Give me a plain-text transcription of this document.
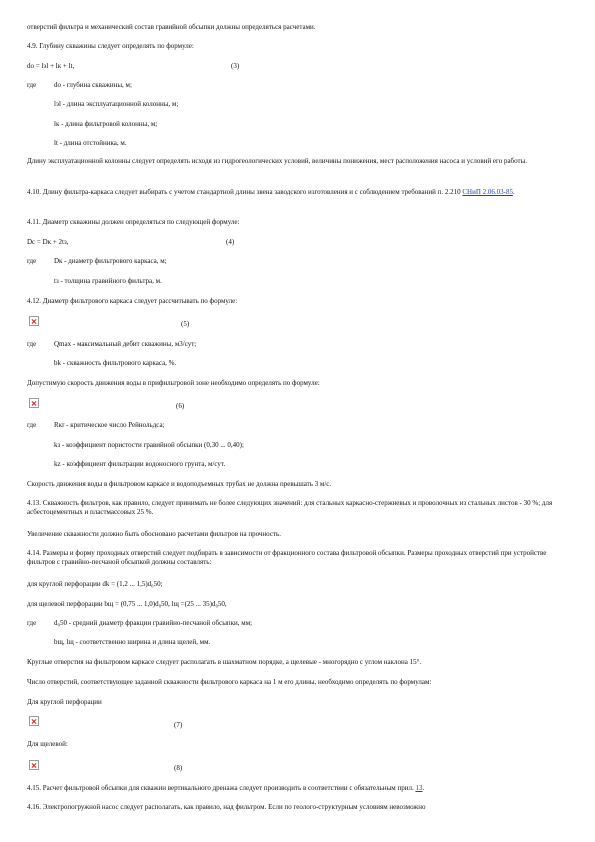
отверстий фильтра и механический состав гравийной обсыпки должны определяться расчетами.
4.9. Глубину скважины следует определять по формуле:
do = lэl + lк + lt,	(3)
где	do - глубина скважины, м;
lэl - длина эксплуатационной колонны, м;
lк - длина фильтровой колонны, м;
lt - длина отстойника, м.
Длину эксплуатационной колонны следует определять исходя из гидрогеологических условий, величины понижения, мест расположения насоса и условий его работы.
4.10. Длину фильтра-каркаса следует выбирать с учетом стандартной длины звена заводского изготовления и с соблюдением требований п. 2.210 СНиП 2.06.03-85.
4.11. Диаметр скважины должен определяться по следующей формуле:
Dc = Dк + 2tз,	(4)
где	Dк - диаметр фильтрового каркаса, м;
tз - толщина гравийного фильтра, м.
4.12. Диаметр фильтрового каркаса следует рассчитывать по формуле:
(5)
где	Qmax - максимальный дебит скважины, м3/сут;
bk - скважность фильтрового каркаса, %.
Допустимую скорость движения воды в прифильтровой зоне необходимо определять по формуле:
(6)
где	Rкr - критическое число Рейнольдса;
kз - коэффициент пористости гравийной обсыпки (0,30 ... 0,40);
kz - коэффициент фильтрации водоносного грунта, м/сут.
Скорость движения воды в фильтровом каркасе и водоподъемных трубах не должна превышать 3 м/с.
4.13. Скважность фильтров, как правило, следует принимать не более следующих значений: для стальных каркасно-стержневых и проволочных из стальных листов - 30 %; для асбестоцементных и пластмассовых 25 %.
Увеличение скважности должно быть обосновано расчетами фильтров на прочность.
4.14. Размеры и форму проходных отверстий следует подбирать в зависимости от фракционного состава фильтровой обсыпки. Размеры проходных отверстий при устройстве фильтров с гравийно-песчаной обсыпкой должны составлять:
для круглой перфорации dk = (1,2 ... 1,5)d₀50;
для щелевой перфорации bщ = (0,75 ... 1,0)d₀50, lщ =(25 ... 35)d₀50,
где	d₀50 - средний диаметр фракции гравийно-песчаной обсыпки, мм;
bщ, lщ - соответственно ширина и длина щелей, мм.
Круглые отверстия на фильтровом каркасе следует располагать в шахматном порядке, а щелевые - многорядно с углом наклона 15°.
Число отверстий, соответствующее заданной скважности фильтрового каркаса на 1 м его длины, необходимо определять по формулам:
Для круглой перфорации
(7)
Для щелевой:
(8)
4.15. Расчет фильтровой обсыпки для скважин вертикального дренажа следует производить в соответствии с обязательным прил. 13.
4.16. Электропогружной насос следует располагать, как правило, над фильтром. Если по геолого-структурным условиям невозможно
